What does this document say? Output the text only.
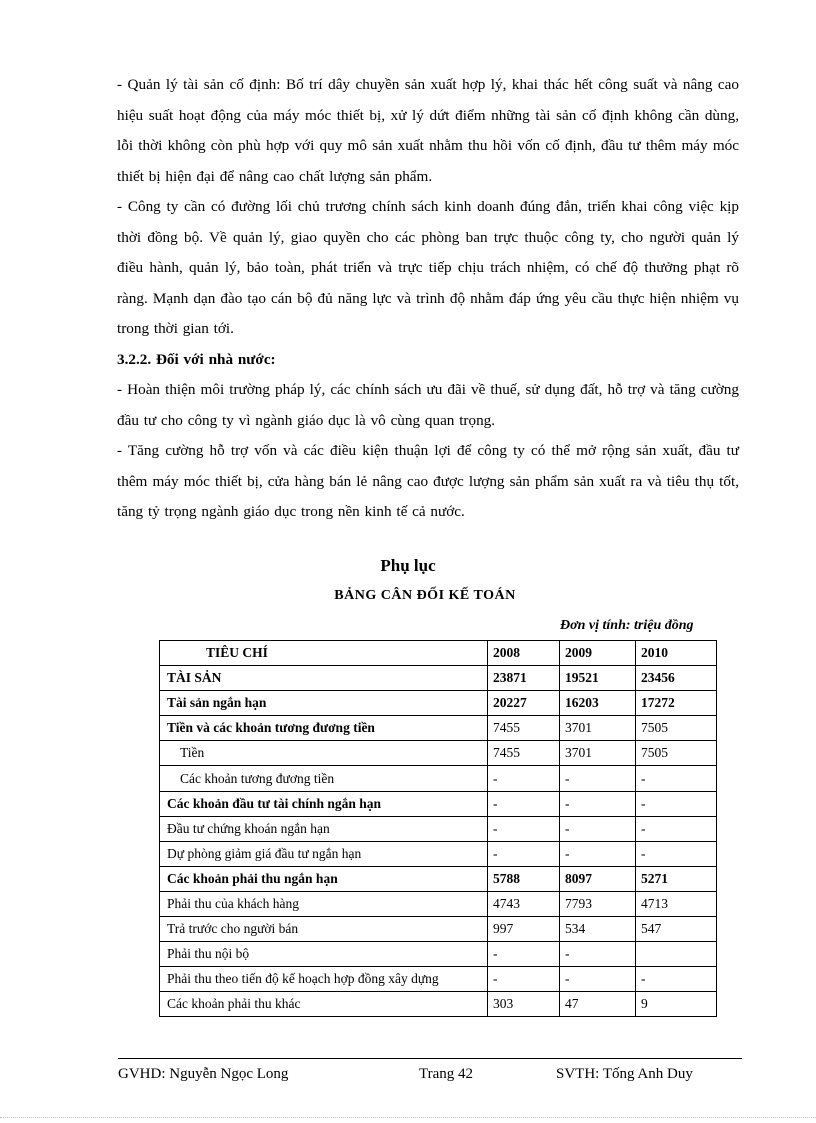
- Quản lý tài sản cố định: Bố trí dây chuyền sản xuất hợp lý, khai thác hết công suất và nâng cao hiệu suất hoạt động của máy móc thiết bị, xử lý dứt điểm những tài sản cố định không cần dùng, lỗi thời không còn phù hợp với quy mô sản xuất nhằm thu hồi vốn cố định, đầu tư thêm máy móc thiết bị hiện đại để nâng cao chất lượng sản phẩm.

- Công ty cần có đường lối chủ trương chính sách kinh doanh đúng đắn, triển khai công việc kịp thời đồng bộ. Về quản lý, giao quyền cho các phòng ban trực thuộc công ty, cho người quản lý điều hành, quản lý, bảo toàn, phát triển và trực tiếp chịu trách nhiệm, có chế độ thưởng phạt rõ ràng. Mạnh dạn đào tạo cán bộ đủ năng lực và trình độ nhằm đáp ứng yêu cầu thực hiện nhiệm vụ trong thời gian tới.

3.2.2. Đối với nhà nước:

- Hoàn thiện môi trường pháp lý, các chính sách ưu đãi về thuế, sử dụng đất, hỗ trợ và tăng cường đầu tư cho công ty vì ngành giáo dục là vô cùng quan trọng.

- Tăng cường hỗ trợ vốn và các điều kiện thuận lợi để công ty có thể mở rộng sản xuất, đầu tư thêm máy móc thiết bị, cửa hàng bán lẻ nâng cao được lượng sản phẩm sản xuất ra và tiêu thụ tốt, tăng tỷ trọng ngành giáo dục trong nền kinh tế cả nước.

Phụ lục
BẢNG CÂN ĐỐI KẾ TOÁN
Đơn vị tính: triệu đồng
TIÊU CHÍ	2008	2009	2010
TÀI SẢN	23871	19521	23456
Tài sản ngắn hạn	20227	16203	17272
Tiền và các khoản tương đương tiền	7455	3701	7505
Tiền	7455	3701	7505
Các khoản tương đương tiền	-	-	-
Các khoản đầu tư tài chính ngắn hạn	-	-	-
Đầu tư chứng khoán ngắn hạn	-	-	-
Dự phòng giảm giá đầu tư ngắn hạn	-	-	-
Các khoản phải thu ngắn hạn	5788	8097	5271
Phải thu của khách hàng	4743	7793	4713
Trả trước cho người bán	997	534	547
Phải thu nội bộ	-	-	
Phải thu theo tiến độ kế hoạch hợp đồng xây dựng	-	-	-
Các khoản phải thu khác	303	47	9
GVHD: Nguyễn Ngọc Long	Trang 42	SVTH: Tống Anh Duy
